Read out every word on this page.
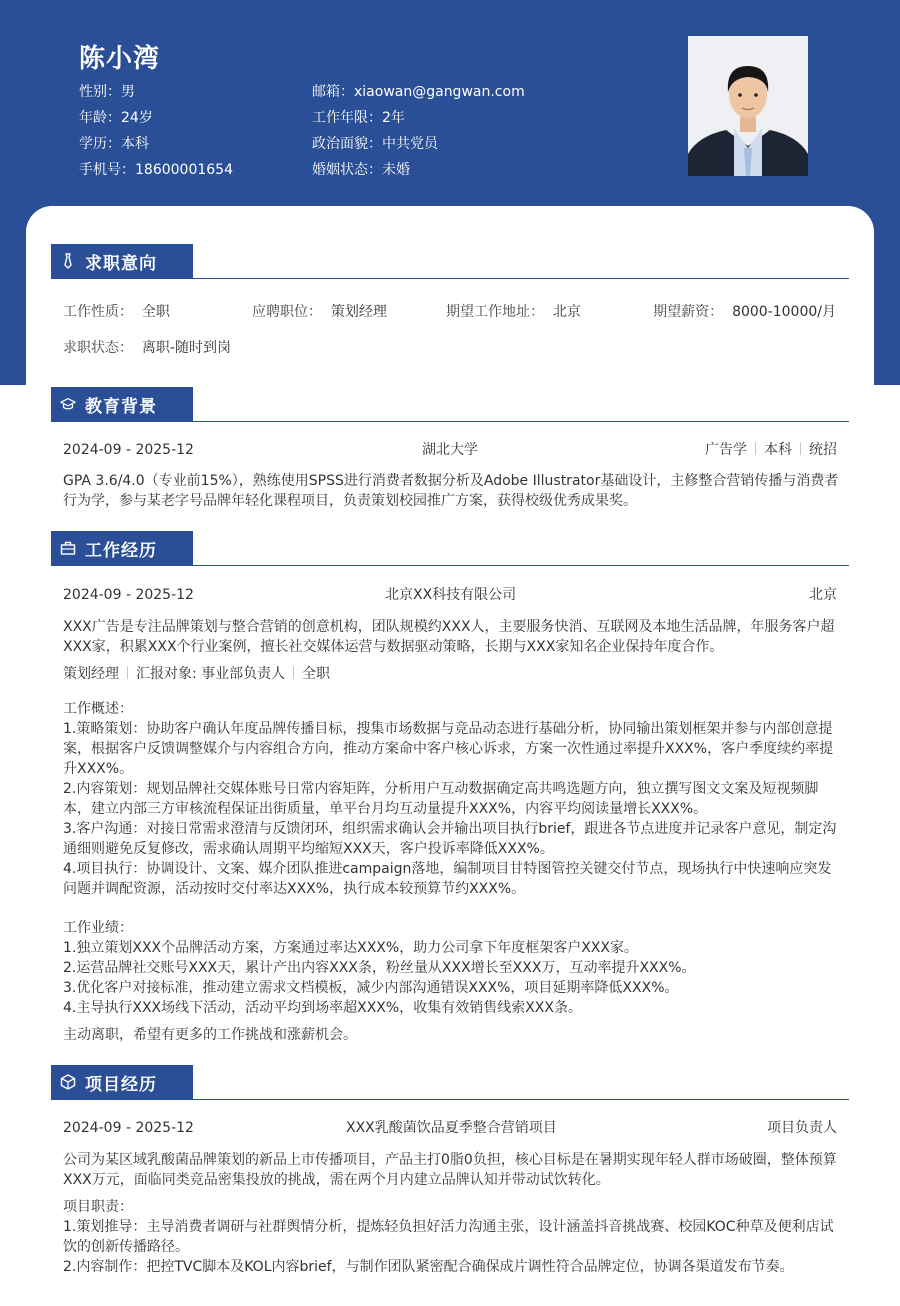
陈小湾
性别：男
年龄：24岁
学历：本科
手机号：18600001654
邮箱：xiaowan@gangwan.com
工作年限：2年
政治面貌：中共党员
婚姻状态：未婚
求职意向
工作性质： 全职	应聘职位： 策划经理	期望工作地址： 北京	期望薪资： 8000-10000/月
求职状态： 离职-随时到岗
教育背景
2024-09 - 2025-12	湖北大学	广告学 本科 统招
GPA 3.6/4.0（专业前15%），熟练使用SPSS进行消费者数据分析及Adobe Illustrator基础设计，主修整合营销传播与消费者
行为学，参与某老字号品牌年轻化课程项目，负责策划校园推广方案，获得校级优秀成果奖。
工作经历
2024-09 - 2025-12	北京XX科技有限公司	北京
XXX广告是专注品牌策划与整合营销的创意机构，团队规模约XXX人，主要服务快消、互联网及本地生活品牌，年服务客户超
XXX家，积累XXX个行业案例，擅长社交媒体运营与数据驱动策略，长期与XXX家知名企业保持年度合作。
策划经理 汇报对象: 事业部负责人 全职
工作概述：
1.策略策划：协助客户确认年度品牌传播目标，搜集市场数据与竞品动态进行基础分析，协同输出策划框架并参与内部创意提
案，根据客户反馈调整媒介与内容组合方向，推动方案命中客户核心诉求，方案一次性通过率提升XXX%，客户季度续约率提
升XXX%。
2.内容策划：规划品牌社交媒体账号日常内容矩阵，分析用户互动数据确定高共鸣选题方向，独立撰写图文文案及短视频脚
本，建立内部三方审核流程保证出街质量，单平台月均互动量提升XXX%，内容平均阅读量增长XXX%。
3.客户沟通：对接日常需求澄清与反馈闭环，组织需求确认会并输出项目执行brief，跟进各节点进度并记录客户意见，制定沟
通细则避免反复修改，需求确认周期平均缩短XXX天，客户投诉率降低XXX%。
4.项目执行：协调设计、文案、媒介团队推进campaign落地，编制项目甘特图管控关键交付节点，现场执行中快速响应突发
问题并调配资源，活动按时交付率达XXX%，执行成本较预算节约XXX%。
工作业绩：
1.独立策划XXX个品牌活动方案，方案通过率达XXX%，助力公司拿下年度框架客户XXX家。
2.运营品牌社交账号XXX天，累计产出内容XXX条，粉丝量从XXX增长至XXX万，互动率提升XXX%。
3.优化客户对接标准，推动建立需求文档模板，减少内部沟通错误XXX%，项目延期率降低XXX%。
4.主导执行XXX场线下活动，活动平均到场率超XXX%，收集有效销售线索XXX条。
主动离职，希望有更多的工作挑战和涨薪机会。
项目经历
2024-09 - 2025-12	XXX乳酸菌饮品夏季整合营销项目	项目负责人
公司为某区域乳酸菌品牌策划的新品上市传播项目，产品主打0脂0负担，核心目标是在暑期实现年轻人群市场破圈，整体预算
XXX万元，面临同类竞品密集投放的挑战，需在两个月内建立品牌认知并带动试饮转化。
项目职责：
1.策划推导：主导消费者调研与社群舆情分析，提炼轻负担好活力沟通主张，设计涵盖抖音挑战赛、校园KOC种草及便利店试
饮的创新传播路径。
2.内容制作：把控TVC脚本及KOL内容brief，与制作团队紧密配合确保成片调性符合品牌定位，协调各渠道发布节奏。
